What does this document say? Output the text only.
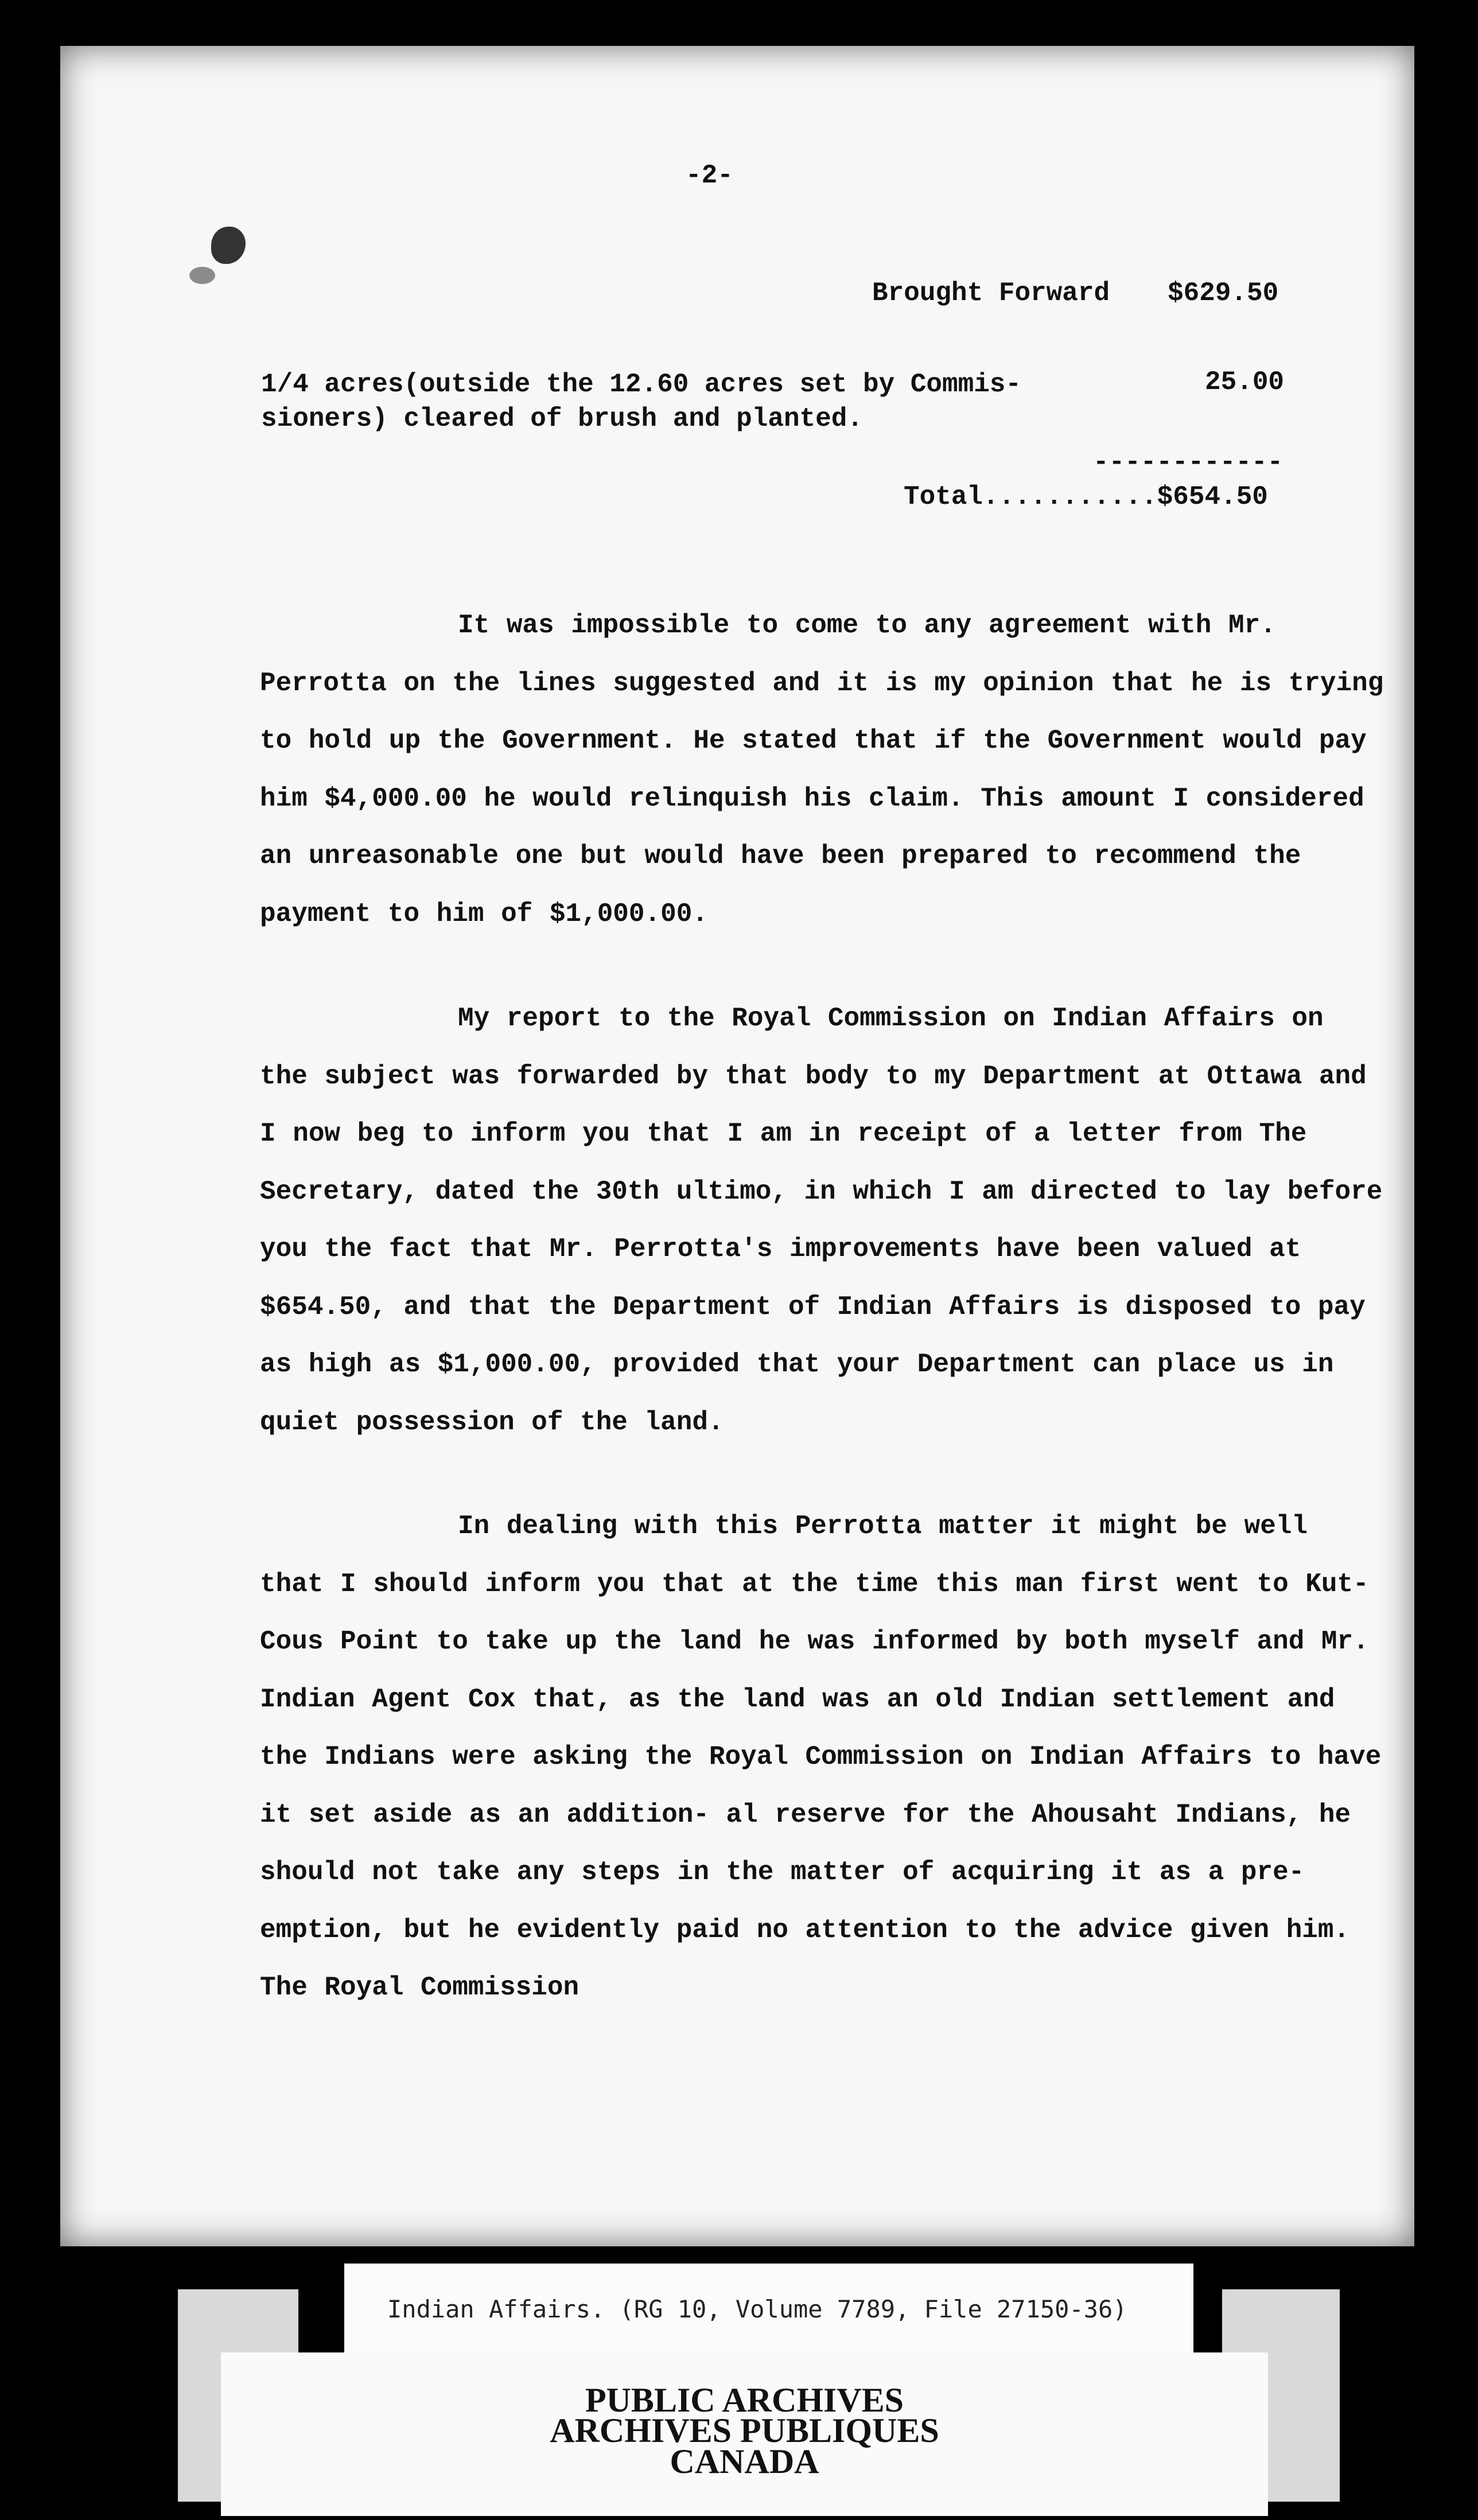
-2-
Brought Forward $629.50
1/4 acres(outside the 12.60 acres set by Commis-
sioners) cleared of brush and planted.
25.00
------------
Total...........$654.50

It was impossible to come to any agreement with Mr. Perrotta on the lines suggested and it is my opinion that he is trying to hold up the Government. He stated that if the Government would pay him $4,000.00 he would relinquish his claim. This amount I considered an unreasonable one but would have been prepared to recommend the payment to him of $1,000.00.

My report to the Royal Commission on Indian Affairs on the subject was forwarded by that body to my Department at Ottawa and I now beg to inform you that I am in receipt of a letter from The Secretary, dated the 30th ultimo, in which I am directed to lay before you the fact that Mr. Perrotta's improvements have been valued at $654.50, and that the Department of Indian Affairs is disposed to pay as high as $1,000.00, provided that your Department can place us in quiet possession of the land.

In dealing with this Perrotta matter it might be well that I should inform you that at the time this man first went to Kut-Cous Point to take up the land he was informed by both myself and Mr. Indian Agent Cox that, as the land was an old Indian settlement and the Indians were asking the Royal Commission on Indian Affairs to have it set aside as an addition- al reserve for the Ahousaht Indians, he should not take any steps in the matter of acquiring it as a pre-emption, but he evidently paid no attention to the advice given him. The Royal Commission

Indian Affairs. (RG 10, Volume 7789, File 27150-36)
PUBLIC ARCHIVES
ARCHIVES PUBLIQUES
CANADA
